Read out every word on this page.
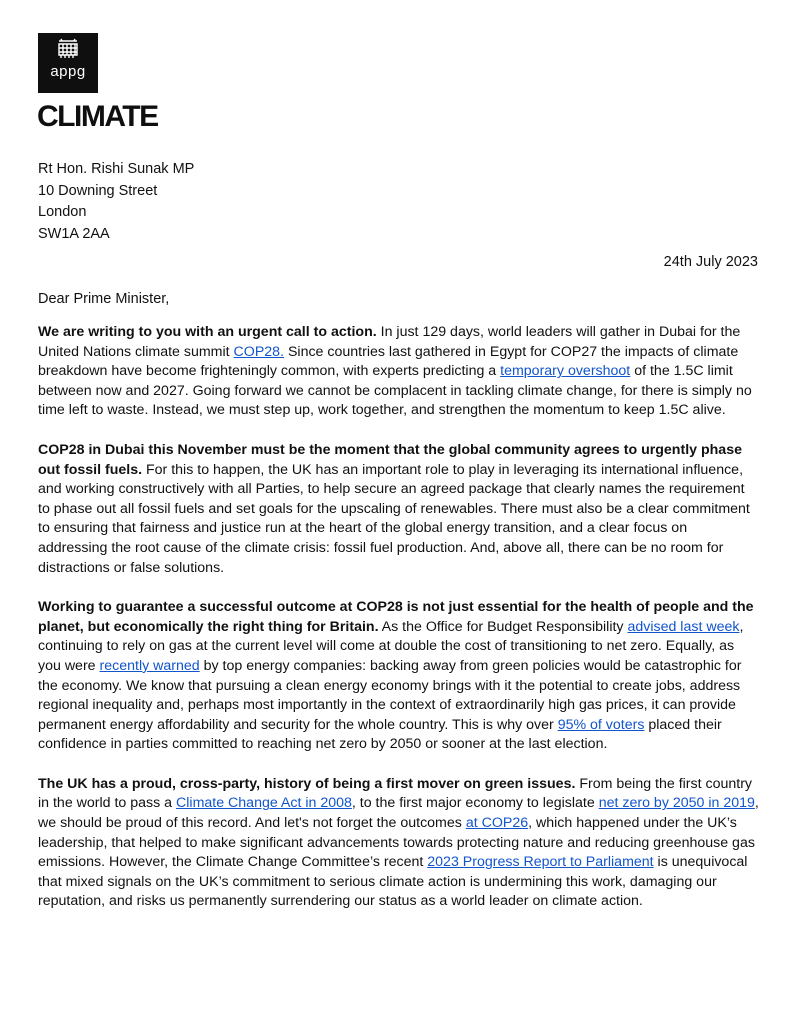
appg
CLIMATE
Rt Hon. Rishi Sunak MP
10 Downing Street
London
SW1A 2AA
24th July 2023
Dear Prime Minister,

We are writing to you with an urgent call to action. In just 129 days, world leaders will gather in Dubai for the United Nations climate summit COP28. Since countries last gathered in Egypt for COP27 the impacts of climate breakdown have become frighteningly common, with experts predicting a temporary overshoot of the 1.5C limit between now and 2027. Going forward we cannot be complacent in tackling climate change, for there is simply no time left to waste. Instead, we must step up, work together, and strengthen the momentum to keep 1.5C alive.

COP28 in Dubai this November must be the moment that the global community agrees to urgently phase out fossil fuels. For this to happen, the UK has an important role to play in leveraging its international influence, and working constructively with all Parties, to help secure an agreed package that clearly names the requirement to phase out all fossil fuels and set goals for the upscaling of renewables. There must also be a clear commitment to ensuring that fairness and justice run at the heart of the global energy transition, and a clear focus on addressing the root cause of the climate crisis: fossil fuel production. And, above all, there can be no room for distractions or false solutions.

Working to guarantee a successful outcome at COP28 is not just essential for the health of people and the planet, but economically the right thing for Britain. As the Office for Budget Responsibility advised last week, continuing to rely on gas at the current level will come at double the cost of transitioning to net zero. Equally, as you were recently warned by top energy companies: backing away from green policies would be catastrophic for the economy. We know that pursuing a clean energy economy brings with it the potential to create jobs, address regional inequality and, perhaps most importantly in the context of extraordinarily high gas prices, it can provide permanent energy affordability and security for the whole country. This is why over 95% of voters placed their confidence in parties committed to reaching net zero by 2050 or sooner at the last election.

The UK has a proud, cross-party, history of being a first mover on green issues. From being the first country in the world to pass a Climate Change Act in 2008, to the first major economy to legislate net zero by 2050 in 2019, we should be proud of this record. And let's not forget the outcomes at COP26, which happened under the UK’s leadership, that helped to make significant advancements towards protecting nature and reducing greenhouse gas emissions. However, the Climate Change Committee’s recent 2023 Progress Report to Parliament is unequivocal that mixed signals on the UK’s commitment to serious climate action is undermining this work, damaging our reputation, and risks us permanently surrendering our status as a world leader on climate action.
